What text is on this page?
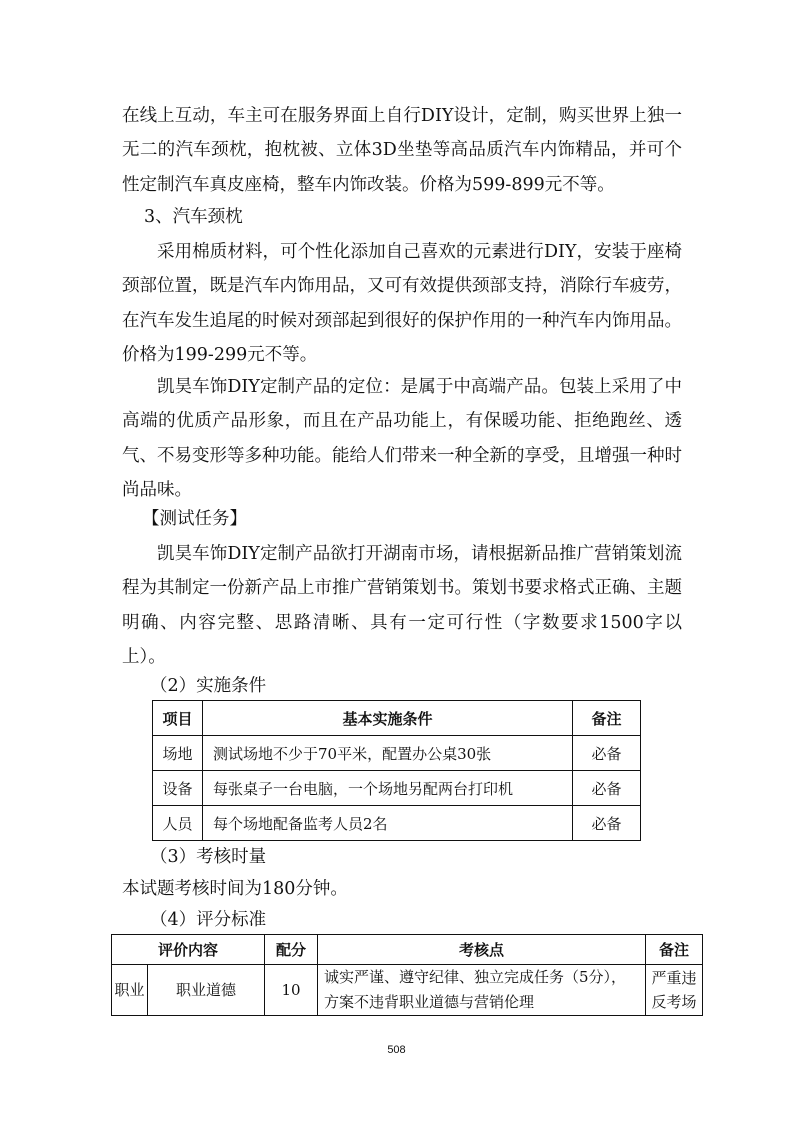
在线上互动，车主可在服务界面上自行DIY设计，定制，购买世界上独一无二的汽车颈枕，抱枕被、立体3D坐垫等高品质汽车内饰精品，并可个性定制汽车真皮座椅，整车内饰改装。价格为599-899元不等。

3、汽车颈枕

采用棉质材料，可个性化添加自己喜欢的元素进行DIY，安装于座椅颈部位置，既是汽车内饰用品，又可有效提供颈部支持，消除行车疲劳，在汽车发生追尾的时候对颈部起到很好的保护作用的一种汽车内饰用品。价格为199-299元不等。

凯昊车饰DIY定制产品的定位：是属于中高端产品。包装上采用了中高端的优质产品形象，而且在产品功能上，有保暖功能、拒绝跑丝、透气、不易变形等多种功能。能给人们带来一种全新的享受，且增强一种时尚品味。

【测试任务】

凯昊车饰DIY定制产品欲打开湖南市场，请根据新品推广营销策划流程为其制定一份新产品上市推广营销策划书。策划书要求格式正确、主题明确、内容完整、思路清晰、具有一定可行性（字数要求1500字以上）。

（2）实施条件
项目	基本实施条件	备注
场地	测试场地不少于70平米，配置办公桌30张	必备
设备	每张桌子一台电脑，一个场地另配两台打印机	必备
人员	每个场地配备监考人员2名	必备
（3）考核时量
本试题考核时间为180分钟。
（4）评分标准
评价内容		配分	考核点	备注
职业	职业道德	10	诚实严谨、遵守纪律、独立完成任务（5分），方案不违背职业道德与营销伦理	严重违反考场
508
